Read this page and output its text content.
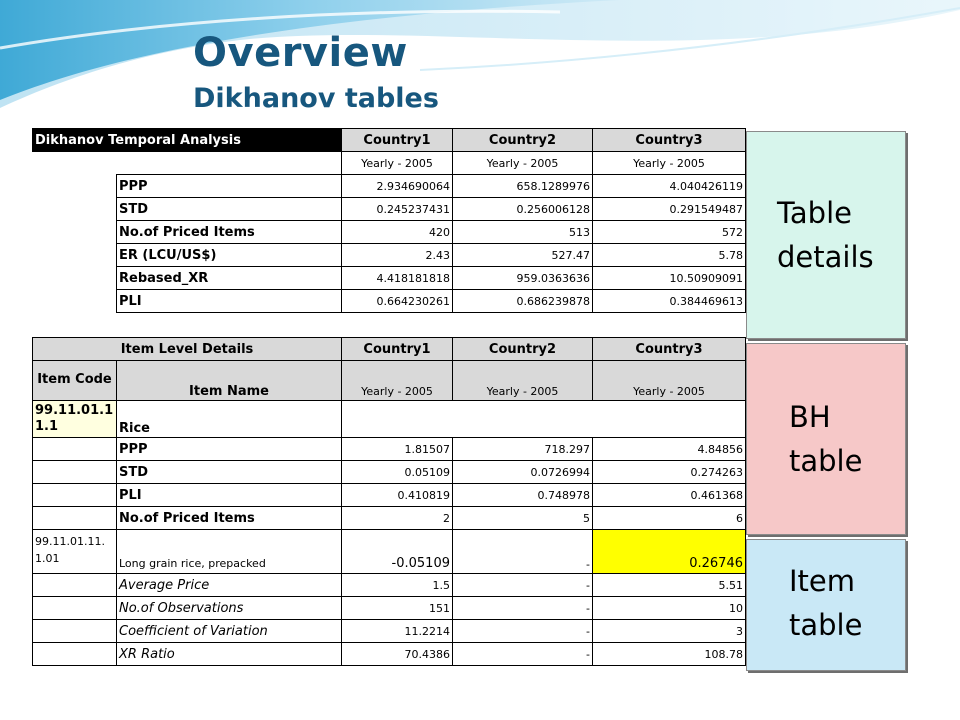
Overview
Dikhanov tables
Dikhanov Temporal Analysis		Country1	Country2	Country3
		Yearly - 2005	Yearly - 2005	Yearly - 2005
	PPP	2.934690064	658.1289976	4.040426119
	STD	0.245237431	0.256006128	0.291549487
	No.of Priced Items	420	513	572
	ER (LCU/US$)	2.43	527.47	5.78
	Rebased_XR	4.418181818	959.0363636	10.50909091
	PLI	0.664230261	0.686239878	0.384469613

Item Level Details		Country1	Country2	Country3
Item Code	Item Name	Yearly - 2005	Yearly - 2005	Yearly - 2005
99.11.01.11.1	Rice			
	PPP	1.81507	718.297	4.84856
	STD	0.05109	0.0726994	0.274263
	PLI	0.410819	0.748978	0.461368
	No.of Priced Items	2	5	6
99.11.01.11.1.01	Long grain rice, prepacked	-0.05109	-	0.26746
	Average Price	1.5	-	5.51
	No.of Observations	151	-	10
	Coefficient of Variation	11.2214	-	3
	XR Ratio	70.4386	-	108.78
Table
details
BH
table
Item
table
